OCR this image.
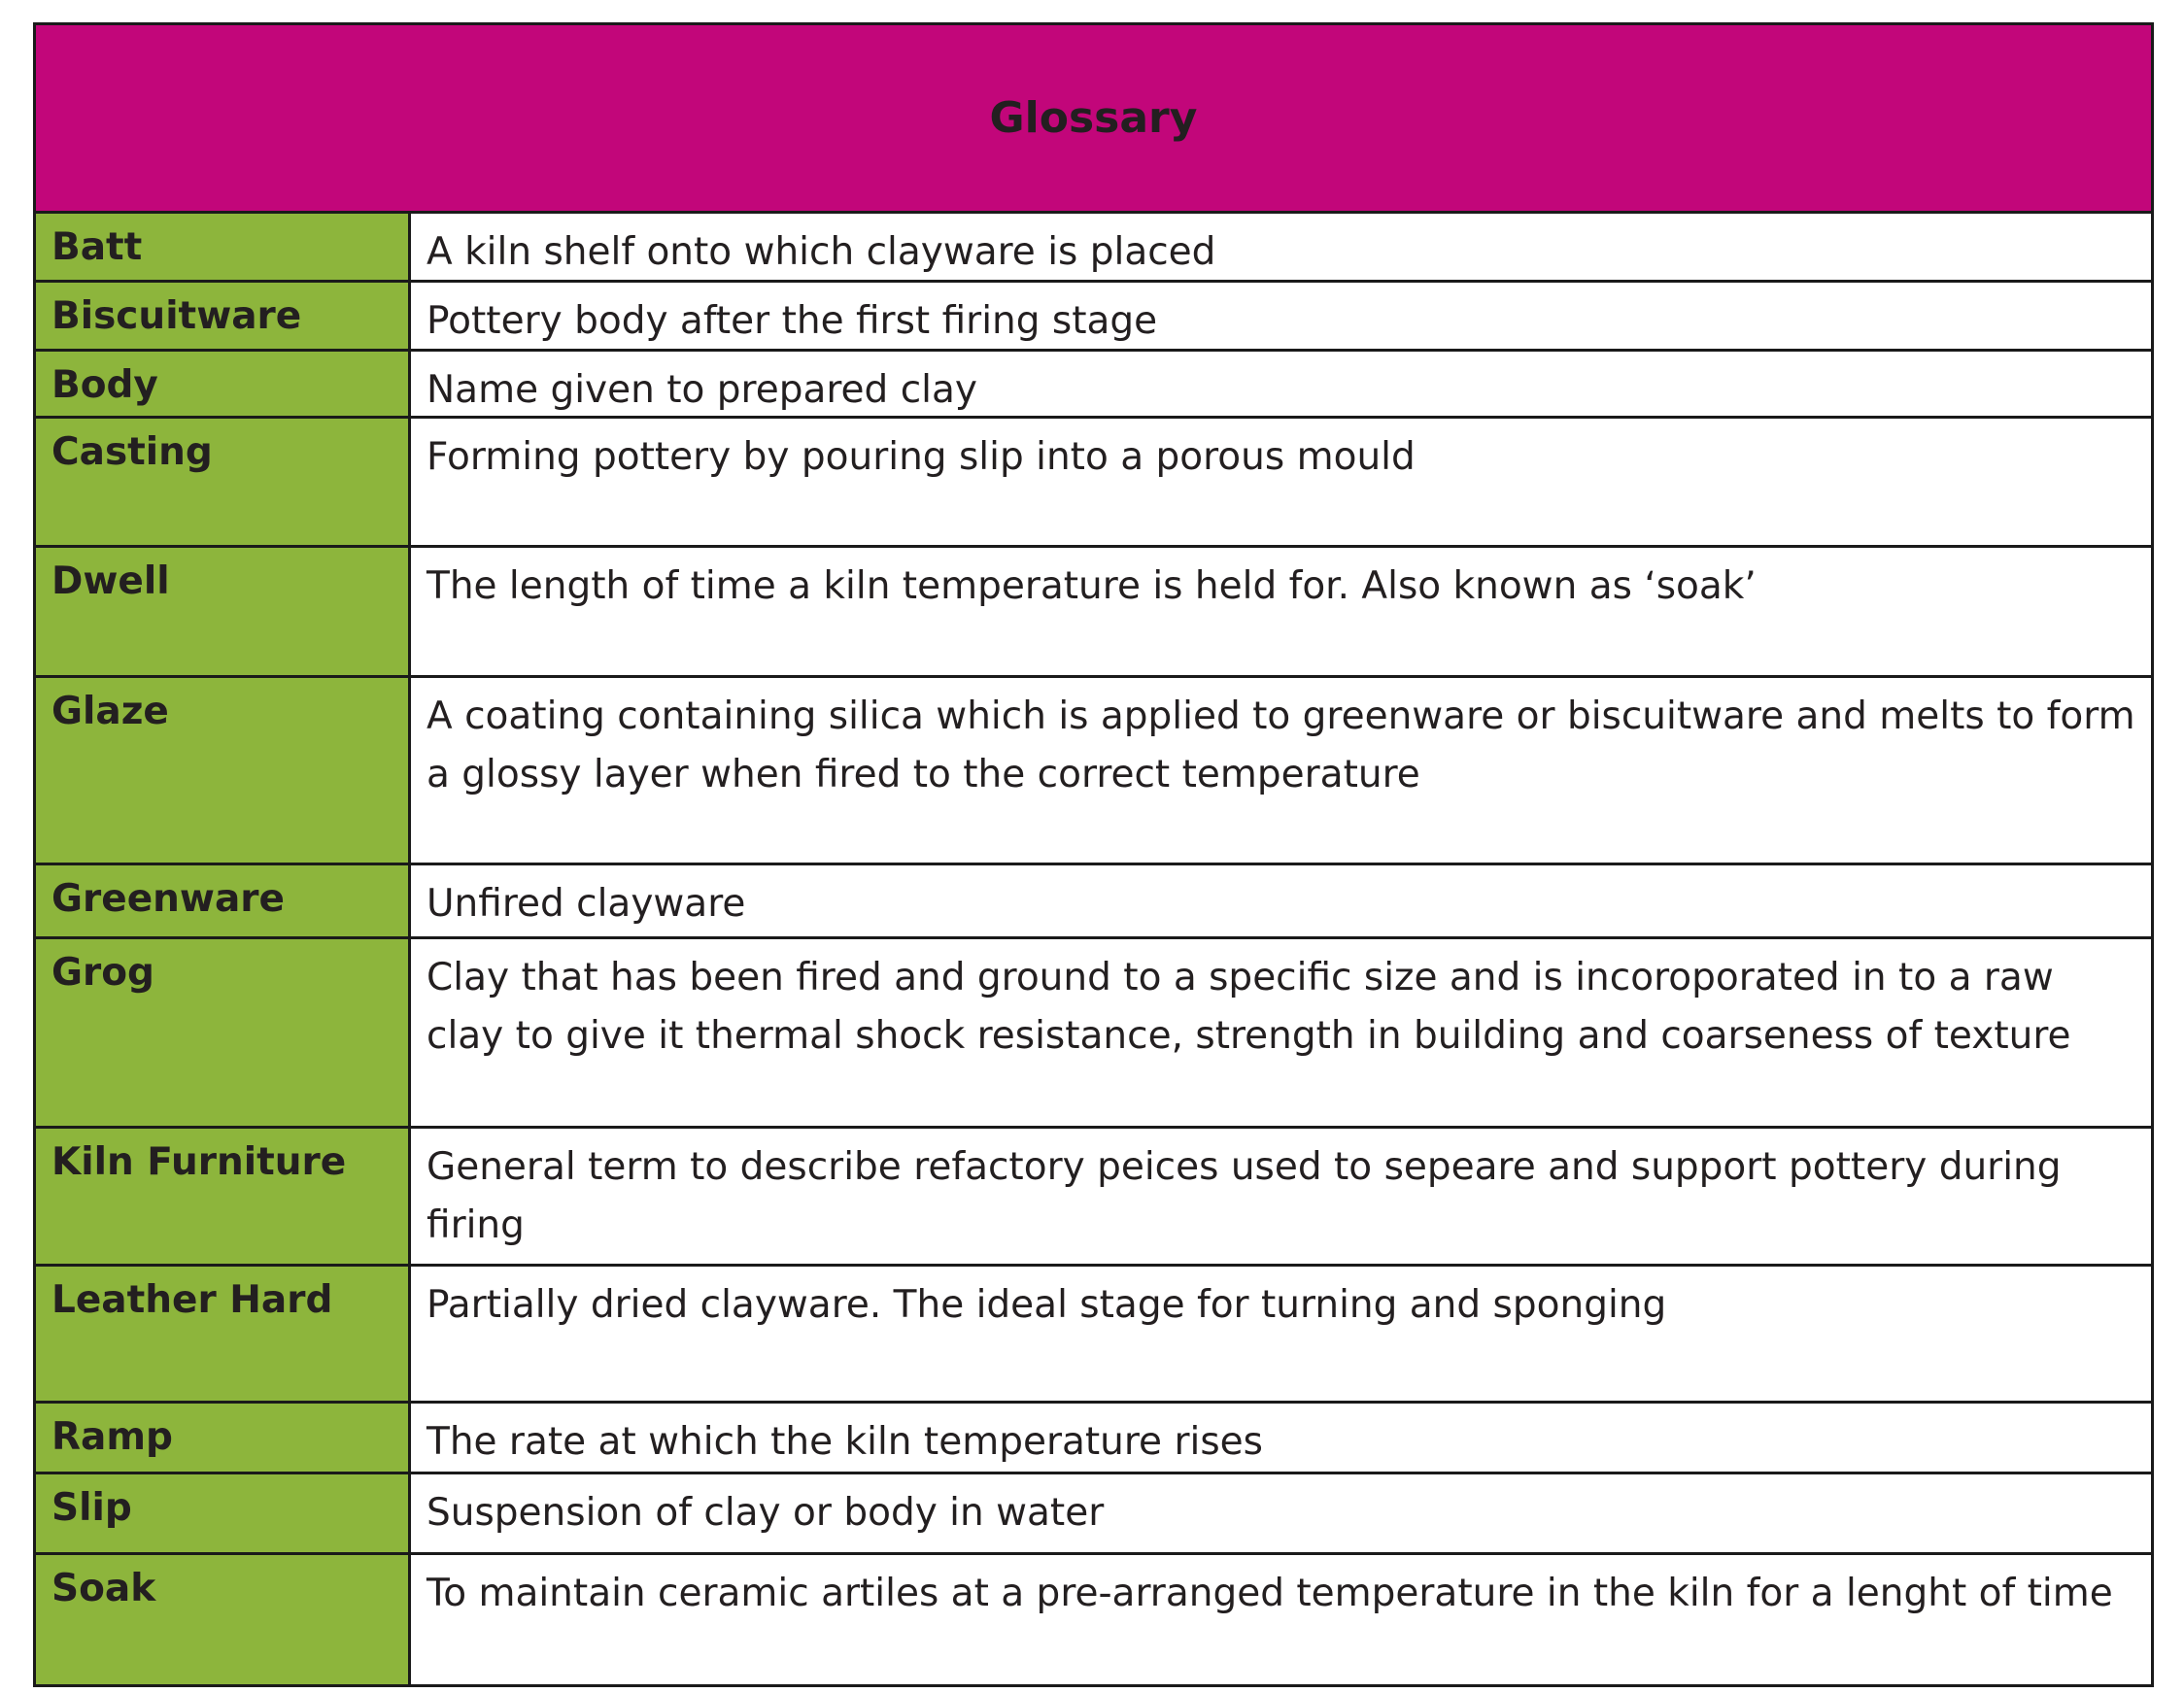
Glossary
Batt	A kiln shelf onto which clayware is placed
Biscuitware	Pottery body after the first firing stage
Body	Name given to prepared clay
Casting	Forming pottery by pouring slip into a porous mould
Dwell	The length of time a kiln temperature is held for. Also known as ‘soak’
Glaze	A coating containing silica which is applied to greenware or biscuitware and melts to form a glossy layer when fired to the correct temperature
Greenware	Unfired clayware
Grog	Clay that has been fired and ground to a specific size and is incoroporated in to a raw clay to give it thermal shock resistance, strength in building and coarseness of texture
Kiln Furniture	General term to describe refactory peices used to sepeare and support pottery during firing
Leather Hard	Partially dried clayware. The ideal stage for turning and sponging
Ramp	The rate at which the kiln temperature rises
Slip	Suspension of clay or body in water
Soak	To maintain ceramic artiles at a pre-arranged temperature in the kiln for a lenght of time
